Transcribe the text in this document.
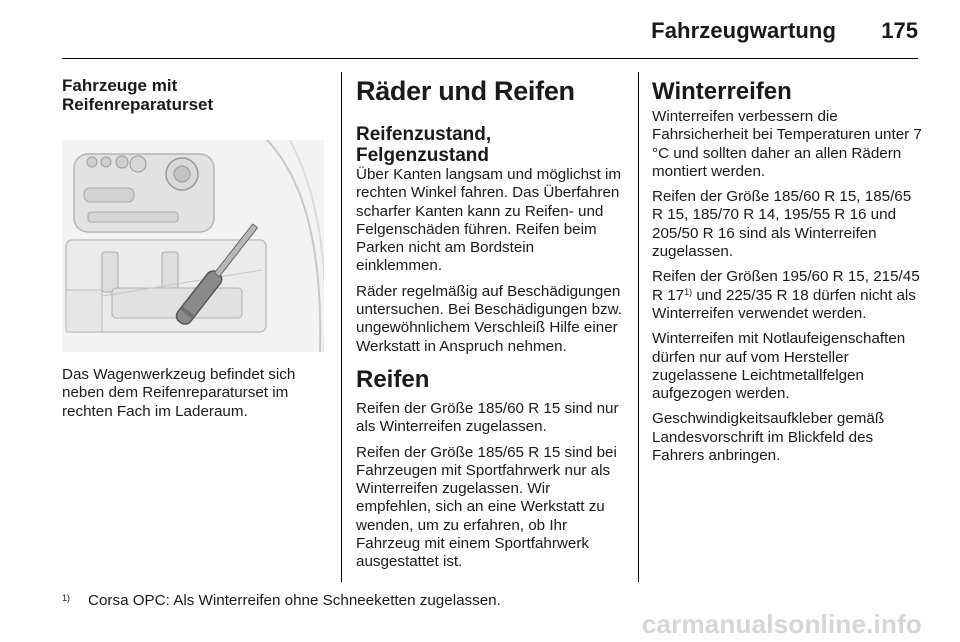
Fahrzeugwartung 175
Fahrzeuge mit
Reifenreparaturset

Das Wagenwerkzeug befindet sich neben dem Reifenreparaturset im rechten Fach im Laderaum.

Räder und Reifen
Reifenzustand, Felgenzustand

Über Kanten langsam und möglichst im rechten Winkel fahren. Das Überfahren scharfer Kanten kann zu Reifen- und Felgenschäden führen. Reifen beim Parken nicht am Bordstein einklemmen.

Räder regelmäßig auf Beschädigungen untersuchen. Bei Beschädigungen bzw. ungewöhnlichem Verschleiß Hilfe einer Werkstatt in Anspruch nehmen.

Reifen

Reifen der Größe 185/60 R 15 sind nur als Winterreifen zugelassen.

Reifen der Größe 185/65 R 15 sind bei Fahrzeugen mit Sportfahrwerk nur als Winterreifen zugelassen. Wir empfehlen, sich an eine Werkstatt zu wenden, um zu erfahren, ob Ihr Fahrzeug mit einem Sportfahrwerk ausgestattet ist.

Winterreifen

Winterreifen verbessern die Fahrsicherheit bei Temperaturen unter 7 °C und sollten daher an allen Rädern montiert werden.

Reifen der Größe 185/60 R 15, 185/65 R 15, 185/70 R 14, 195/55 R 16 und 205/50 R 16 sind als Winterreifen zugelassen.

Reifen der Größen 195/60 R 15, 215/45 R 17$^{1)}$ und 225/35 R 18 dürfen nicht als Winterreifen verwendet werden.

Winterreifen mit Notlaufeigenschaften dürfen nur auf vom Hersteller zugelassene Leichtmetallfelgen aufgezogen werden.

Geschwindigkeitsaufkleber gemäß Landesvorschrift im Blickfeld des Fahrers anbringen.

1) Corsa OPC: Als Winterreifen ohne Schneeketten zugelassen.
carmanualsonline.info
